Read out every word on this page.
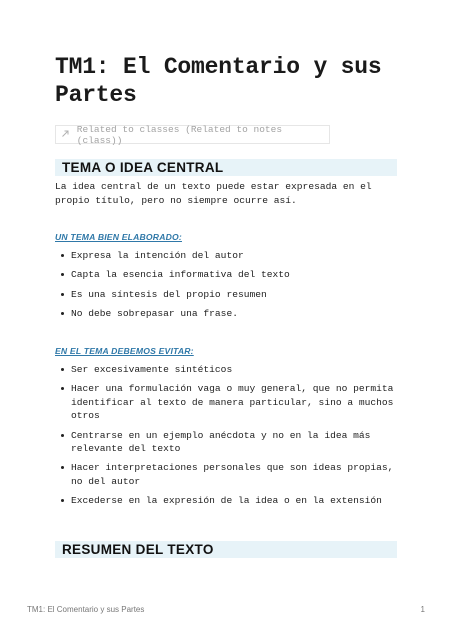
TM1: El Comentario y sus Partes
Related to classes (Related to notes (class))
TEMA O IDEA CENTRAL

La idea central de un texto puede estar expresada en el propio título, pero no siempre ocurre así.

UN TEMA BIEN ELABORADO:
Expresa la intención del autor
Capta la esencia informativa del texto
Es una síntesis del propio resumen
No debe sobrepasar una frase.
EN EL TEMA DEBEMOS EVITAR:
Ser excesivamente sintéticos
Hacer una formulación vaga o muy general, que no permita identificar al texto de manera particular, sino a muchos otros
Centrarse en un ejemplo anécdota y no en la idea más relevante del texto
Hacer interpretaciones personales que son ideas propias, no del autor
Excederse en la expresión de la idea o en la extensión
RESUMEN DEL TEXTO
TM1: El Comentario y sus Partes	1
